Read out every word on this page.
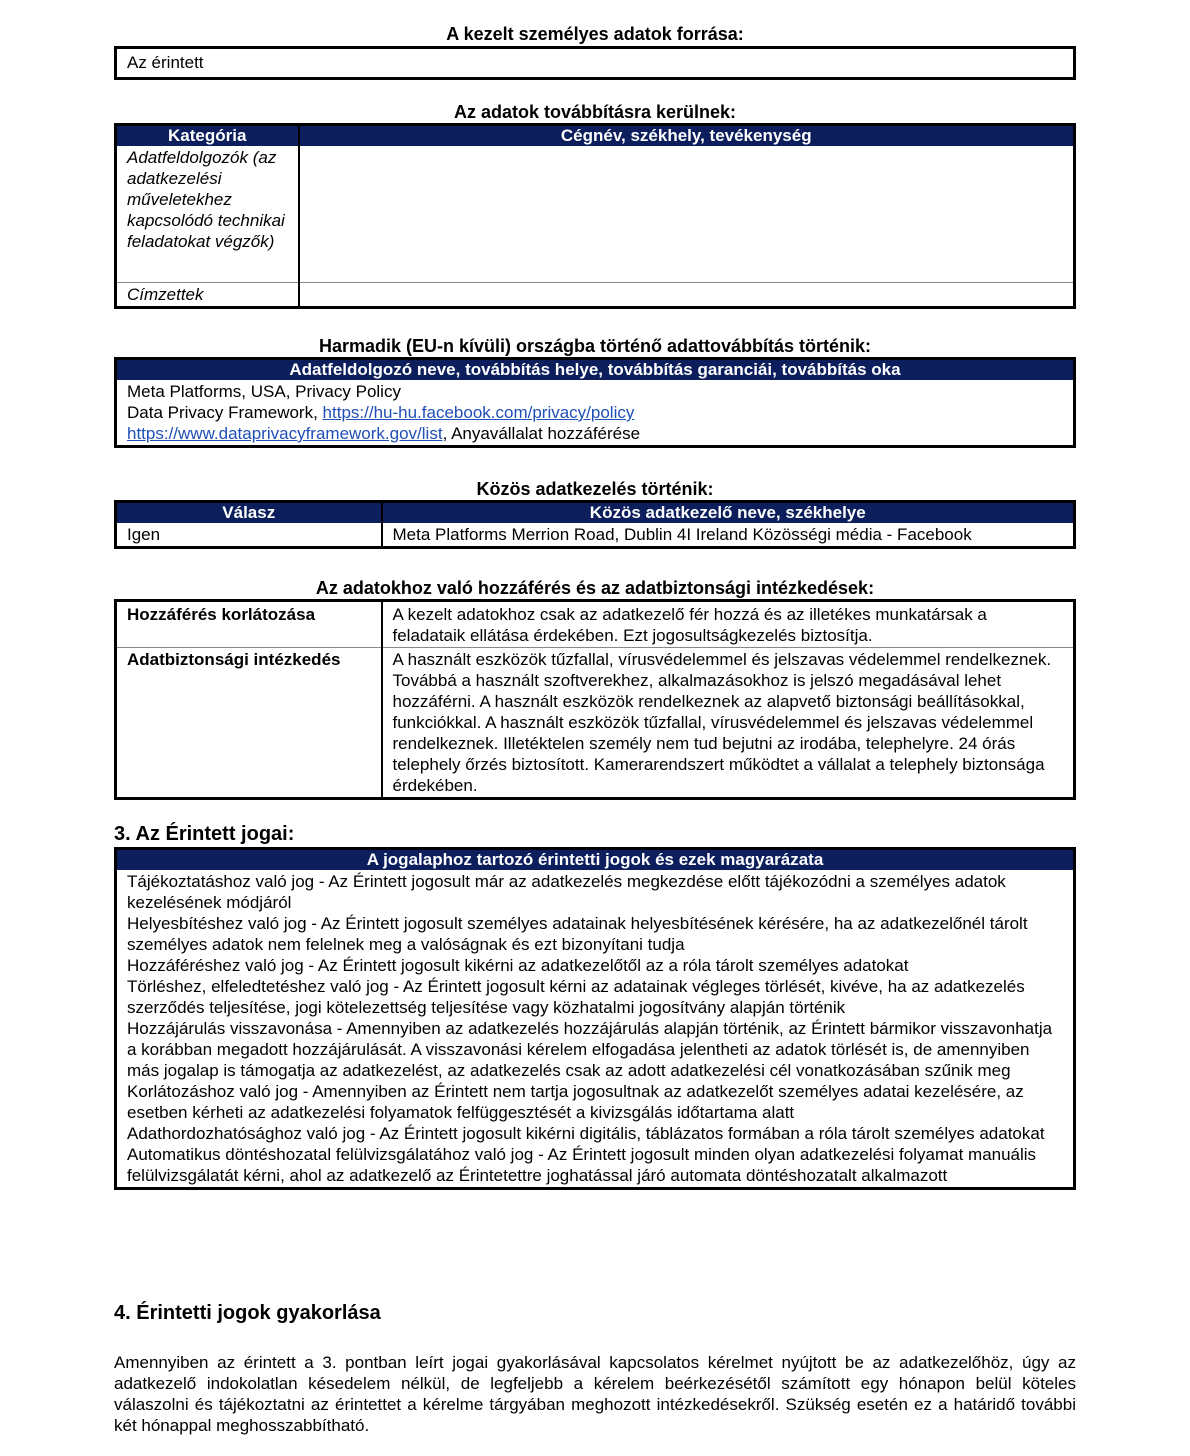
A kezelt személyes adatok forrása:

Az érintett

Az adatok továbbításra kerülnek:

Kategória	Cégnév, székhely, tevékenység
Adatfeldolgozók (az adatkezelési műveletekhez kapcsolódó technikai feladatokat végzők)	
Címzettek	

Harmadik (EU-n kívüli) országba történő adattovábbítás történik:

Adatfeldolgozó neve, továbbítás helye, továbbítás garanciái, továbbítás oka

Meta Platforms, USA, Privacy Policy
Data Privacy Framework, https://hu-hu.facebook.com/privacy/policy
https://www.dataprivacyframework.gov/list, Anyavállalat hozzáférése

Közös adatkezelés történik:

Válasz	Közös adatkezelő neve, székhelye
Igen	Meta Platforms Merrion Road, Dublin 4I Ireland Közösségi média - Facebook

Az adatokhoz való hozzáférés és az adatbiztonsági intézkedések:

Hozzáférés korlátozása	A kezelt adatokhoz csak az adatkezelő fér hozzá és az illetékes munkatársak a feladataik ellátása érdekében. Ezt jogosultságkezelés biztosítja.
Adatbiztonsági intézkedés	A használt eszközök tűzfallal, vírusvédelemmel és jelszavas védelemmel rendelkeznek. Továbbá a használt szoftverekhez, alkalmazásokhoz is jelszó megadásával lehet hozzáférni. A használt eszközök rendelkeznek az alapvető biztonsági beállításokkal, funkciókkal. A használt eszközök tűzfallal, vírusvédelemmel és jelszavas védelemmel rendelkeznek. Illetéktelen személy nem tud bejutni az irodába, telephelyre. 24 órás telephely őrzés biztosított. Kamerarendszert működtet a vállalat a telephely biztonsága érdekében.

3. Az Érintett jogai:

A jogalaphoz tartozó érintetti jogok és ezek magyarázata

Tájékoztatáshoz való jog - Az Érintett jogosult már az adatkezelés megkezdése előtt tájékozódni a személyes adatok kezelésének módjáról
Helyesbítéshez való jog - Az Érintett jogosult személyes adatainak helyesbítésének kérésére, ha az adatkezelőnél tárolt személyes adatok nem felelnek meg a valóságnak és ezt bizonyítani tudja
Hozzáféréshez való jog - Az Érintett jogosult kikérni az adatkezelőtől az a róla tárolt személyes adatokat
Törléshez, elfeledtetéshez való jog - Az Érintett jogosult kérni az adatainak végleges törlését, kivéve, ha az adatkezelés szerződés teljesítése, jogi kötelezettség teljesítése vagy közhatalmi jogosítvány alapján történik
Hozzájárulás visszavonása - Amennyiben az adatkezelés hozzájárulás alapján történik, az Érintett bármikor visszavonhatja a korábban megadott hozzájárulását. A visszavonási kérelem elfogadása jelentheti az adatok törlését is, de amennyiben más jogalap is támogatja az adatkezelést, az adatkezelés csak az adott adatkezelési cél vonatkozásában szűnik meg
Korlátozáshoz való jog - Amennyiben az Érintett nem tartja jogosultnak az adatkezelőt személyes adatai kezelésére, az esetben kérheti az adatkezelési folyamatok felfüggesztését a kivizsgálás időtartama alatt
Adathordozhatósághoz való jog - Az Érintett jogosult kikérni digitális, táblázatos formában a róla tárolt személyes adatokat
Automatikus döntéshozatal felülvizsgálatához való jog - Az Érintett jogosult minden olyan adatkezelési folyamat manuális felülvizsgálatát kérni, ahol az adatkezelő az Érintetettre joghatással járó automata döntéshozatalt alkalmazott

4. Érintetti jogok gyakorlása

Amennyiben az érintett a 3. pontban leírt jogai gyakorlásával kapcsolatos kérelmet nyújtott be az adatkezelőhöz, úgy az adatkezelő indokolatlan késedelem nélkül, de legfeljebb a kérelem beérkezésétől számított egy hónapon belül köteles válaszolni és tájékoztatni az érintettet a kérelme tárgyában meghozott intézkedésekről. Szükség esetén ez a határidő további két hónappal meghosszabbítható.
